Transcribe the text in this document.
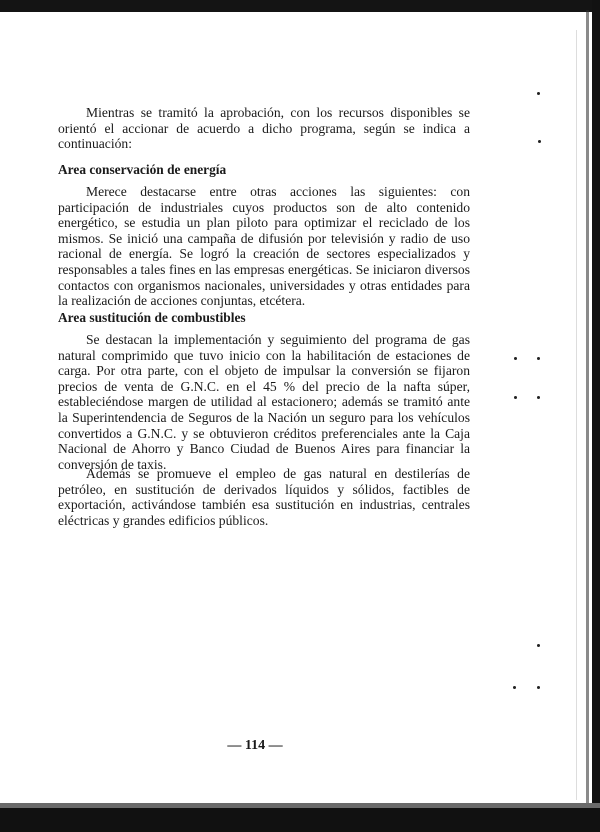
Mientras se tramitó la aprobación, con los recursos disponibles se orientó el accionar de acuerdo a dicho programa, según se indica a continuación:

Area conservación de energía

Merece destacarse entre otras acciones las siguientes: con participación de industriales cuyos productos son de alto contenido energético, se estudia un plan piloto para optimizar el reciclado de los mismos. Se inició una campaña de difusión por televisión y radio de uso racional de energía. Se logró la creación de sectores especializados y responsables a tales fines en las empresas energéticas. Se iniciaron diversos contactos con organismos nacionales, universidades y otras entidades para la realización de acciones conjuntas, etcétera.

Area sustitución de combustibles

Se destacan la implementación y seguimiento del programa de gas natural comprimido que tuvo inicio con la habilitación de estaciones de carga. Por otra parte, con el objeto de impulsar la conversión se fijaron precios de venta de G.N.C. en el 45 % del precio de la nafta súper, estableciéndose margen de utilidad al estacionero; además se tramitó ante la Superintendencia de Seguros de la Nación un seguro para los vehículos convertidos a G.N.C. y se obtuvieron créditos preferenciales ante la Caja Nacional de Ahorro y Banco Ciudad de Buenos Aires para financiar la conversión de taxis.

Además se promueve el empleo de gas natural en destilerías de petróleo, en sustitución de derivados líquidos y sólidos, factibles de exportación, activándose también esa sustitución en industrias, centrales eléctricas y grandes edificios públicos.

— 114 —
